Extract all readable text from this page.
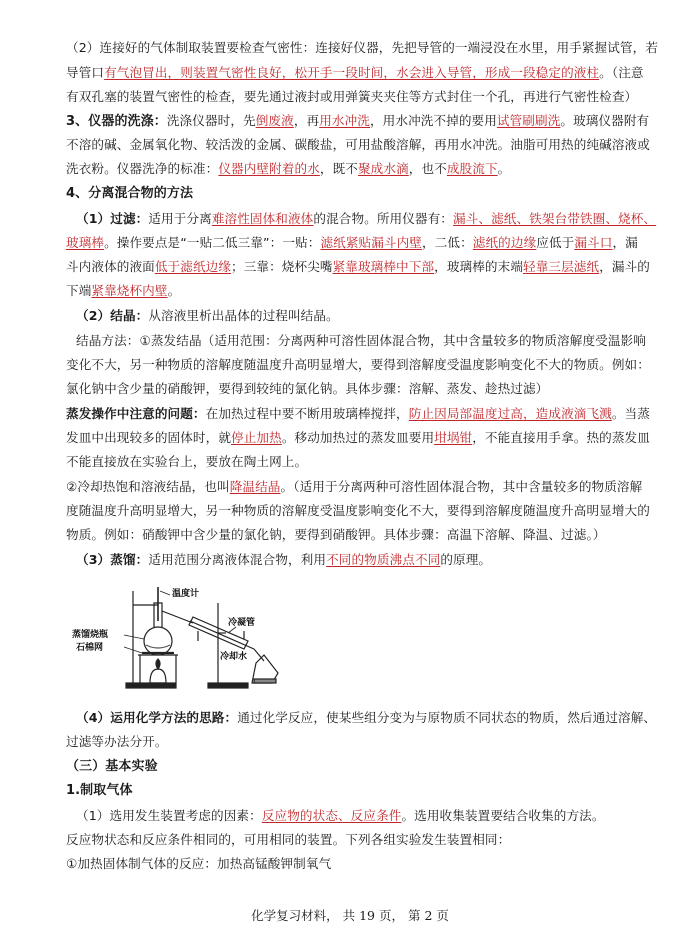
（2）连接好的气体制取装置要检查气密性：连接好仪器，先把导管的一端浸没在水里，用手紧握试管，若
导管口有气泡冒出，则装置气密性良好，松开手一段时间，水会进入导管，形成一段稳定的液柱。（注意
有双孔塞的装置气密性的检查，要先通过液封或用弹簧夹夹住等方式封住一个孔，再进行气密性检查）
3、仪器的洗涤：洗涤仪器时，先倒废液，再用水冲洗，用水冲洗不掉的要用试管刷刷洗。玻璃仪器附有
不溶的碱、金属氧化物、较活泼的金属、碳酸盐，可用盐酸溶解，再用水冲洗。油脂可用热的纯碱溶液或
洗衣粉。仪器洗净的标准：仪器内壁附着的水，既不聚成水滴，也不成股流下。
4、分离混合物的方法
（1）过滤：适用于分离难溶性固体和液体的混合物。所用仪器有：漏斗、滤纸、铁架台带铁圈、烧杯、
玻璃棒。操作要点是“一贴二低三靠”：一贴：滤纸紧贴漏斗内壁，二低：滤纸的边缘应低于漏斗口，漏
斗内液体的液面低于滤纸边缘；三靠：烧杯尖嘴紧靠玻璃棒中下部，玻璃棒的末端轻靠三层滤纸，漏斗的
下端紧靠烧杯内壁。
（2）结晶：从溶液里析出晶体的过程叫结晶。
结晶方法：①蒸发结晶（适用范围：分离两种可溶性固体混合物，其中含量较多的物质溶解度受温影响
变化不大，另一种物质的溶解度随温度升高明显增大，要得到溶解度受温度影响变化不大的物质。例如：
氯化钠中含少量的硝酸钾，要得到较纯的氯化钠。具体步骤：溶解、蒸发、趁热过滤）
蒸发操作中注意的问题：在加热过程中要不断用玻璃棒搅拌，防止因局部温度过高，造成液滴飞溅。当蒸
发皿中出现较多的固体时，就停止加热。移动加热过的蒸发皿要用坩埚钳，不能直接用手拿。热的蒸发皿
不能直接放在实验台上，要放在陶土网上。
②冷却热饱和溶液结晶，也叫降温结晶。（适用于分离两种可溶性固体混合物，其中含量较多的物质溶解
度随温度升高明显增大，另一种物质的溶解度受温度影响变化不大，要得到溶解度随温度升高明显增大的
物质。例如：硝酸钾中含少量的氯化钠，要得到硝酸钾。具体步骤：高温下溶解、降温、过滤。）
（3）蒸馏：适用范围分离液体混合物，利用不同的物质沸点不同的原理。
温度计
冷凝管
蒸馏烧瓶
石棉网
冷却水
（4）运用化学方法的思路：通过化学反应，使某些组分变为与原物质不同状态的物质，然后通过溶解、
过滤等办法分开。
（三）基本实验
1.制取气体
（1）选用发生装置考虑的因素：反应物的状态、反应条件。选用收集装置要结合收集的方法。
反应物状态和反应条件相同的，可用相同的装置。下列各组实验发生装置相同：
①加热固体制气体的反应：加热高锰酸钾制氧气
化学复习材料， 共 19 页， 第 2 页
